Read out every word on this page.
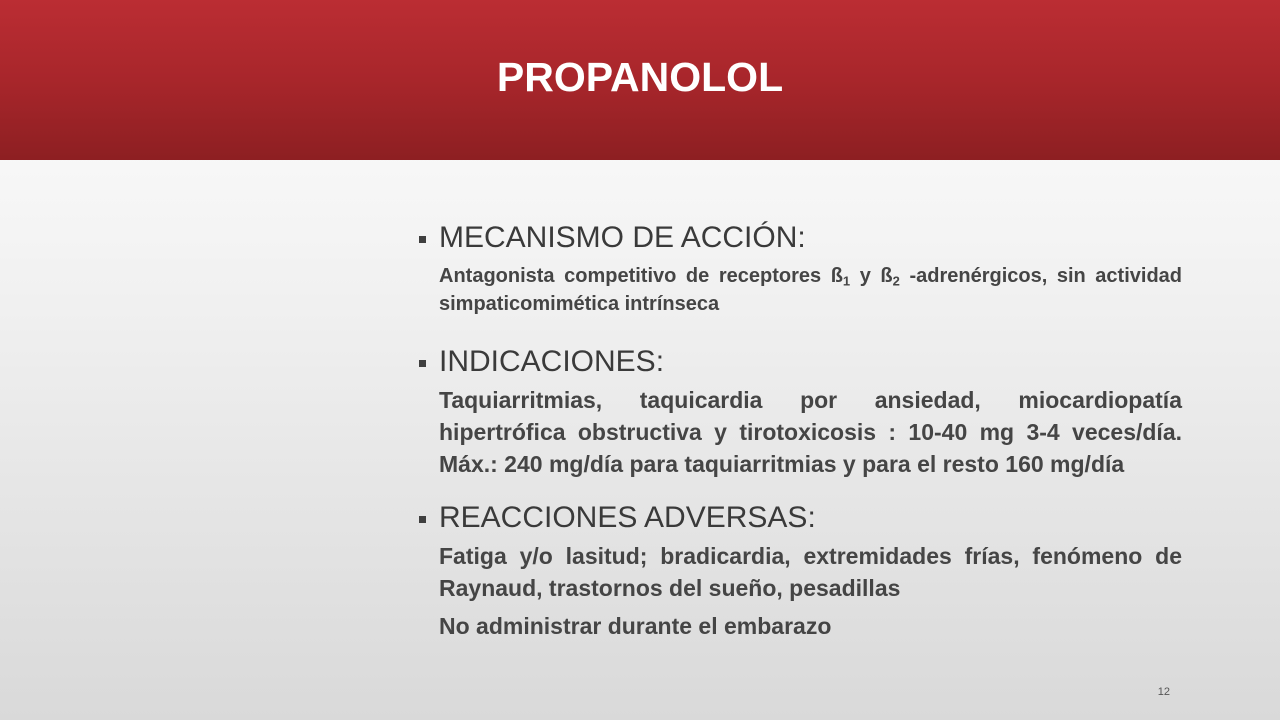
PROPANOLOL
MECANISMO DE ACCIÓN:
Antagonista competitivo de receptores $ß_1$ y $ß_2$ -adrenérgicos, sin actividad simpaticomimética intrínseca
INDICACIONES:
Taquiarritmias, taquicardia por ansiedad, miocardiopatía hipertrófica obstructiva y tirotoxicosis : 10-40 mg 3-4 veces/día. Máx.: 240 mg/día para taquiarritmias y para el resto 160 mg/día
REACCIONES ADVERSAS:
Fatiga y/o lasitud; bradicardia, extremidades frías, fenómeno de Raynaud, trastornos del sueño, pesadillas
No administrar durante el embarazo
12
